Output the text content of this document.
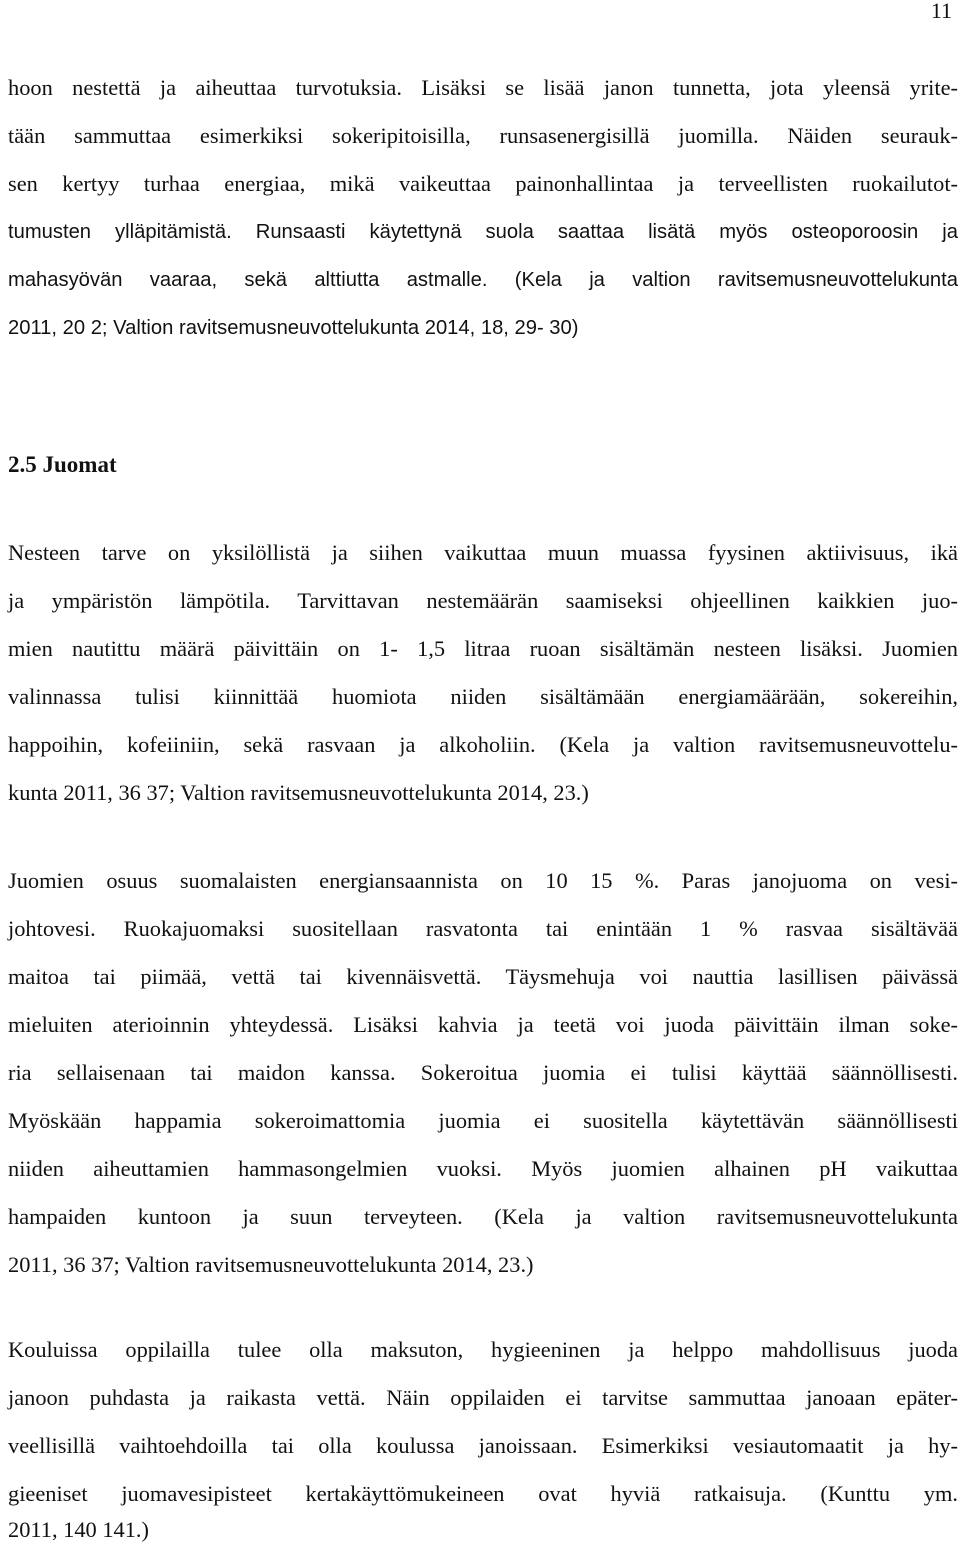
11
hoon nestettä ja aiheuttaa turvotuksia. Lisäksi se lisää janon tunnetta, jota yleensä yrite-
tään sammuttaa esimerkiksi sokeripitoisilla, runsasenergisillä juomilla. Näiden seurauk-
sen kertyy turhaa energiaa, mikä vaikeuttaa painonhallintaa ja terveellisten ruokailutot-
tumusten ylläpitämistä. Runsaasti käytettynä suola saattaa lisätä myös osteoporoosin ja
mahasyövän vaaraa, sekä alttiutta astmalle. (Kela ja valtion ravitsemusneuvottelukunta
2011, 20 2; Valtion ravitsemusneuvottelukunta 2014, 18, 29- 30)
2.5 Juomat
Nesteen tarve on yksilöllistä ja siihen vaikuttaa muun muassa fyysinen aktiivisuus, ikä
ja ympäristön lämpötila. Tarvittavan nestemäärän saamiseksi ohjeellinen kaikkien juo-
mien nautittu määrä päivittäin on 1- 1,5 litraa ruoan sisältämän nesteen lisäksi. Juomien
valinnassa tulisi kiinnittää huomiota niiden sisältämään energiamäärään, sokereihin,
happoihin, kofeiiniin, sekä rasvaan ja alkoholiin. (Kela ja valtion ravitsemusneuvottelu-
kunta 2011, 36 37; Valtion ravitsemusneuvottelukunta 2014, 23.)
Juomien osuus suomalaisten energiansaannista on 10 15 %. Paras janojuoma on vesi-
johtovesi. Ruokajuomaksi suositellaan rasvatonta tai enintään 1 % rasvaa sisältävää
maitoa tai piimää, vettä tai kivennäisvettä. Täysmehuja voi nauttia lasillisen päivässä
mieluiten aterioinnin yhteydessä. Lisäksi kahvia ja teetä voi juoda päivittäin ilman soke-
ria sellaisenaan tai maidon kanssa. Sokeroitua juomia ei tulisi käyttää säännöllisesti.
Myöskään happamia sokeroimattomia juomia ei suositella käytettävän säännöllisesti
niiden aiheuttamien hammasongelmien vuoksi. Myös juomien alhainen pH vaikuttaa
hampaiden kuntoon ja suun terveyteen. (Kela ja valtion ravitsemusneuvottelukunta
2011, 36 37; Valtion ravitsemusneuvottelukunta 2014, 23.)
Kouluissa oppilailla tulee olla maksuton, hygieeninen ja helppo mahdollisuus juoda
janoon puhdasta ja raikasta vettä. Näin oppilaiden ei tarvitse sammuttaa janoaan epäter-
veellisillä vaihtoehdoilla tai olla koulussa janoissaan. Esimerkiksi vesiautomaatit ja hy-
gieeniset juomavesipisteet kertakäyttömukeineen ovat hyviä ratkaisuja. (Kunttu ym.
2011, 140 141.)
